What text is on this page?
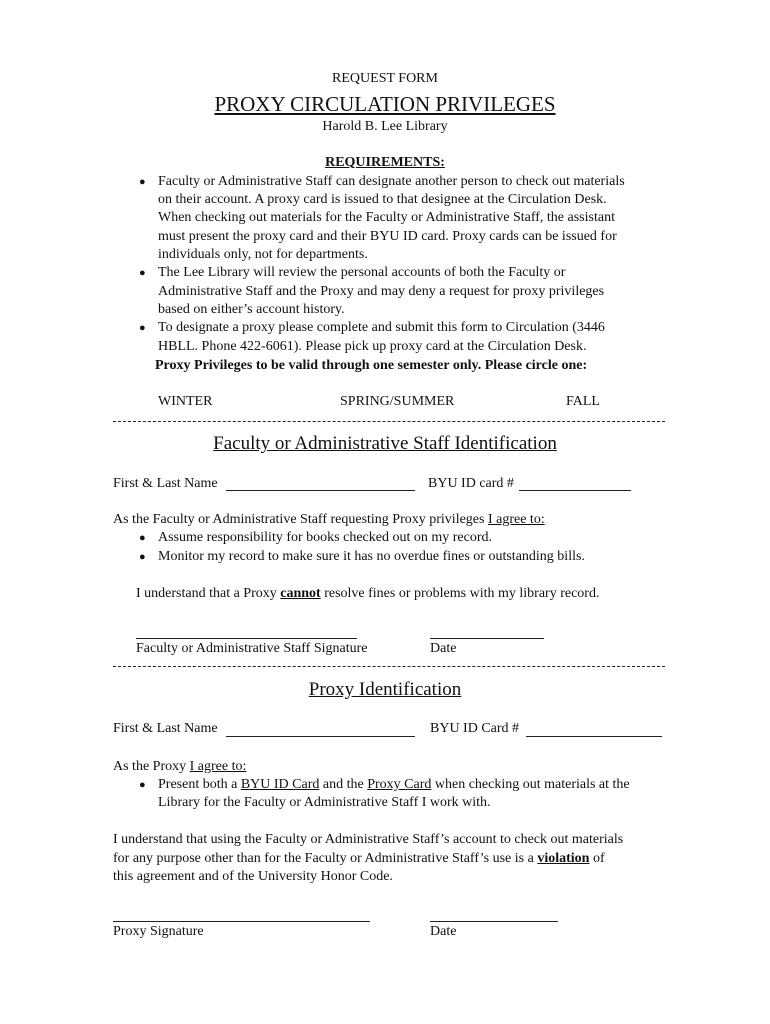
REQUEST FORM
PROXY CIRCULATION PRIVILEGES
Harold B. Lee Library
REQUIREMENTS:
● Faculty or Administrative Staff can designate another person to check out materials
on their account. A proxy card is issued to that designee at the Circulation Desk.
When checking out materials for the Faculty or Administrative Staff, the assistant
must present the proxy card and their BYU ID card. Proxy cards can be issued for
individuals only, not for departments.
● The Lee Library will review the personal accounts of both the Faculty or
Administrative Staff and the Proxy and may deny a request for proxy privileges
based on either’s account history.
● To designate a proxy please complete and submit this form to Circulation (3446
HBLL. Phone 422-6061). Please pick up proxy card at the Circulation Desk.
Proxy Privileges to be valid through one semester only. Please circle one:
WINTER	SPRING/SUMMER	FALL
Faculty or Administrative Staff Identification
First & Last Name	BYU ID card #
As the Faculty or Administrative Staff requesting Proxy privileges I agree to:
● Assume responsibility for books checked out on my record.
● Monitor my record to make sure it has no overdue fines or outstanding bills.
I understand that a Proxy cannot resolve fines or problems with my library record.
Faculty or Administrative Staff Signature	Date
Proxy Identification
First & Last Name	BYU ID Card #
As the Proxy I agree to:
● Present both a BYU ID Card and the Proxy Card when checking out materials at the
Library for the Faculty or Administrative Staff I work with.
I understand that using the Faculty or Administrative Staff’s account to check out materials
for any purpose other than for the Faculty or Administrative Staff’s use is a violation of
this agreement and of the University Honor Code.
Proxy Signature	Date
